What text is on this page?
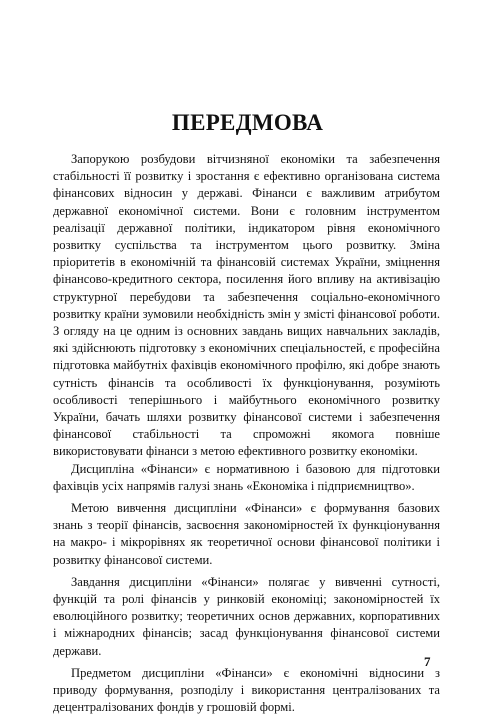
ПЕРЕДМОВА

Запорукою розбудови вітчизняної економіки та забезпечення стабільності її розвитку і зростання є ефективно організована система фінансових відносин у державі. Фінанси є важливим атрибутом державної економічної системи. Вони є головним інструментом реалізації державної політики, індикатором рівня економічного розвитку суспільства та інструментом цього розвитку. Зміна пріоритетів в економічній та фінансовій системах України, зміцнення фінансово-кредитного сектора, посилення його впливу на активізацію структурної перебудови та забезпечення соціально-економічного розвитку країни зумовили необхідність змін у змісті фінансової роботи. З огляду на це одним із основних завдань вищих навчальних закладів, які здійснюють підготовку з економічних спеціальностей, є професійна підготовка майбутніх фахівців економічного профілю, які добре знають сутність фінансів та особливості їх функціонування, розуміють особливості теперішнього і майбутнього економічного розвитку України, бачать шляхи розвитку фінансової системи і забезпечення фінансової стабільності та спроможні якомога повніше використовувати фінанси з метою ефективного розвитку економіки.

Дисципліна «Фінанси» є нормативною і базовою для підготовки фахівців усіх напрямів галузі знань «Економіка і підприємництво».

Метою вивчення дисципліни «Фінанси» є формування базових знань з теорії фінансів, засвоєння закономірностей їх функціонування на макро- і мікрорівнях як теоретичної основи фінансової політики і розвитку фінансової системи.

Завдання дисципліни «Фінанси» полягає у вивченні сутності, функцій та ролі фінансів у ринковій економіці; закономірностей їх еволюційного розвитку; теоретичних основ державних, корпоративних і міжнародних фінансів; засад функціонування фінансової системи держави.

Предметом дисципліни «Фінанси» є економічні відносини з приводу формування, розподілу і використання централізованих та децентралізованих фондів у грошовій формі.

7
